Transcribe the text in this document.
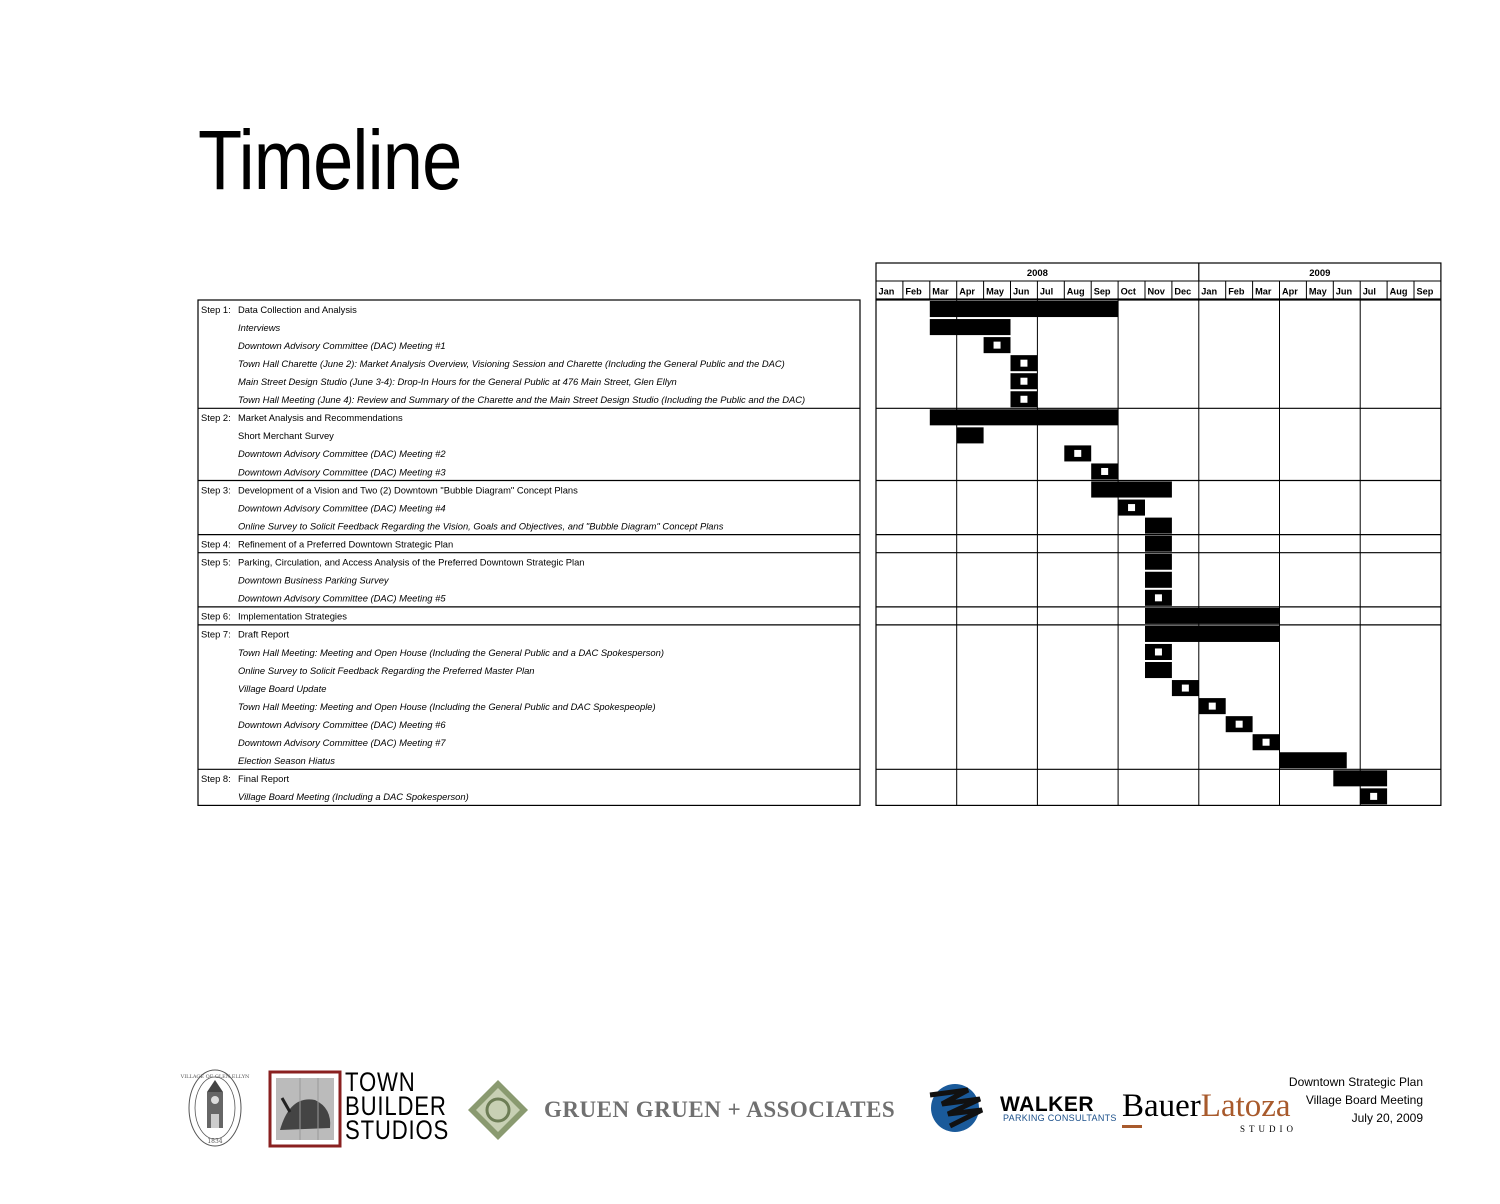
Timeline
2008	2009
Jan Feb Mar Apr May Jun Jul Aug Sep Oct Nov Dec Jan Feb Mar Apr May Jun Jul Aug Sep
Step 1: Data Collection and Analysis
Interviews
Downtown Advisory Committee (DAC) Meeting #1
Town Hall Charette (June 2): Market Analysis Overview, Visioning Session and Charette (Including the General Public and the DAC)
Main Street Design Studio (June 3-4): Drop-In Hours for the General Public at 476 Main Street, Glen Ellyn
Town Hall Meeting (June 4): Review and Summary of the Charette and the Main Street Design Studio (Including the Public and the DAC)
Step 2: Market Analysis and Recommendations
Short Merchant Survey
Downtown Advisory Committee (DAC) Meeting #2
Downtown Advisory Committee (DAC) Meeting #3
Step 3: Development of a Vision and Two (2) Downtown "Bubble Diagram" Concept Plans
Downtown Advisory Committee (DAC) Meeting #4
Online Survey to Solicit Feedback Regarding the Vision, Goals and Objectives, and "Bubble Diagram" Concept Plans
Step 4: Refinement of a Preferred Downtown Strategic Plan
Step 5: Parking, Circulation, and Access Analysis of the Preferred Downtown Strategic Plan
Downtown Business Parking Survey
Downtown Advisory Committee (DAC) Meeting #5
Step 6: Implementation Strategies
Step 7: Draft Report
Town Hall Meeting: Meeting and Open House (Including the General Public and a DAC Spokesperson)
Online Survey to Solicit Feedback Regarding the Preferred Master Plan
Village Board Update
Town Hall Meeting: Meeting and Open House (Including the General Public and DAC Spokespeople)
Downtown Advisory Committee (DAC) Meeting #6
Downtown Advisory Committee (DAC) Meeting #7
Election Season Hiatus
Step 8: Final Report
Village Board Meeting (Including a DAC Spokesperson)
VILLAGE OF GLEN ELLYN
1834
TOWN
BUILDER
STUDIOS
GRUEN GRUEN + ASSOCIATES	WALKER
PARKING CONSULTANTS BauerLatoza
STUDIO
Downtown Strategic Plan
Village Board Meeting
July 20, 2009
